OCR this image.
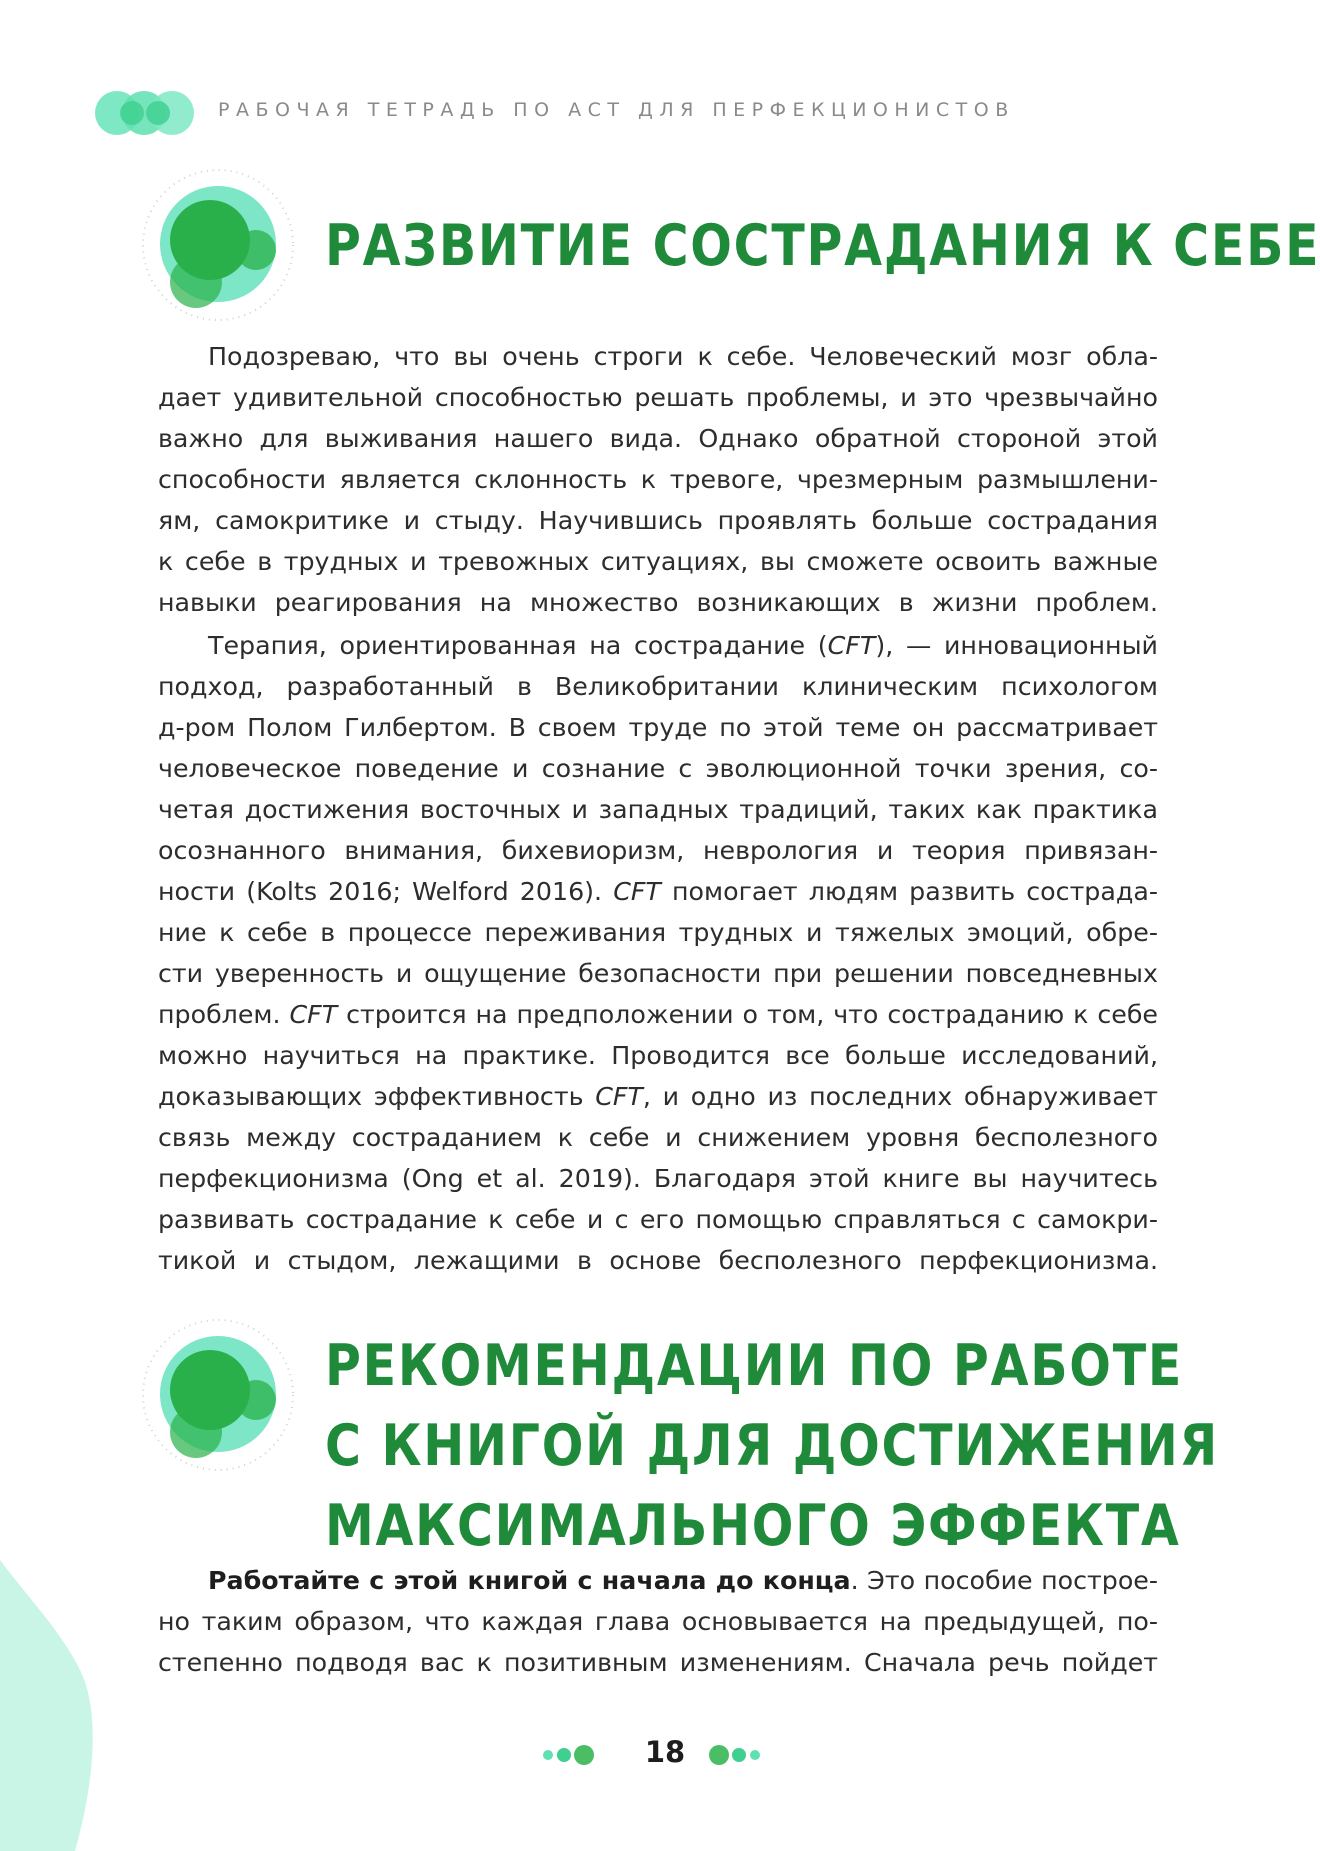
РАБОЧАЯ ТЕТРАДЬ ПО АСТ ДЛЯ ПЕРФЕКЦИОНИСТОВ
РАЗВИТИЕ СОСТРАДАНИЯ К СЕБЕ
Подозреваю, что вы очень строги к себе. Человеческий мозг обла-
дает удивительной способностью решать проблемы, и это чрезвычайно
важно для выживания нашего вида. Однако обратной стороной этой
способности является склонность к тревоге, чрезмерным размышлени-
ям, самокритике и стыду. Научившись проявлять больше сострадания
к себе в трудных и тревожных ситуациях, вы сможете освоить важные
навыки реагирования на множество возникающих в жизни проблем.
Терапия, ориентированная на сострадание (CFT), — инновационный
подход, разработанный в Великобритании клиническим психологом
д-ром Полом Гилбертом. В своем труде по этой теме он рассматривает
человеческое поведение и сознание с эволюционной точки зрения, со-
четая достижения восточных и западных традиций, таких как практика
осознанного внимания, бихевиоризм, неврология и теория привязан-
ности (Kolts 2016; Welford 2016). CFT помогает людям развить сострада-
ние к себе в процессе переживания трудных и тяжелых эмоций, обре-
сти уверенность и ощущение безопасности при решении повседневных
проблем. CFT строится на предположении о том, что состраданию к себе
можно научиться на практике. Проводится все больше исследований,
доказывающих эффективность CFT, и одно из последних обнаруживает
связь между состраданием к себе и снижением уровня бесполезного
перфекционизма (Ong et al. 2019). Благодаря этой книге вы научитесь
развивать сострадание к себе и с его помощью справляться с самокри-
тикой и стыдом, лежащими в основе бесполезного перфекционизма.
РЕКОМЕНДАЦИИ ПО РАБОТЕ
С КНИГОЙ ДЛЯ ДОСТИЖЕНИЯ
МАКСИМАЛЬНОГО ЭФФЕКТА
Работайте с этой книгой с начала до конца. Это пособие построе-
но таким образом, что каждая глава основывается на предыдущей, по-
степенно подводя вас к позитивным изменениям. Сначала речь пойдет
18
